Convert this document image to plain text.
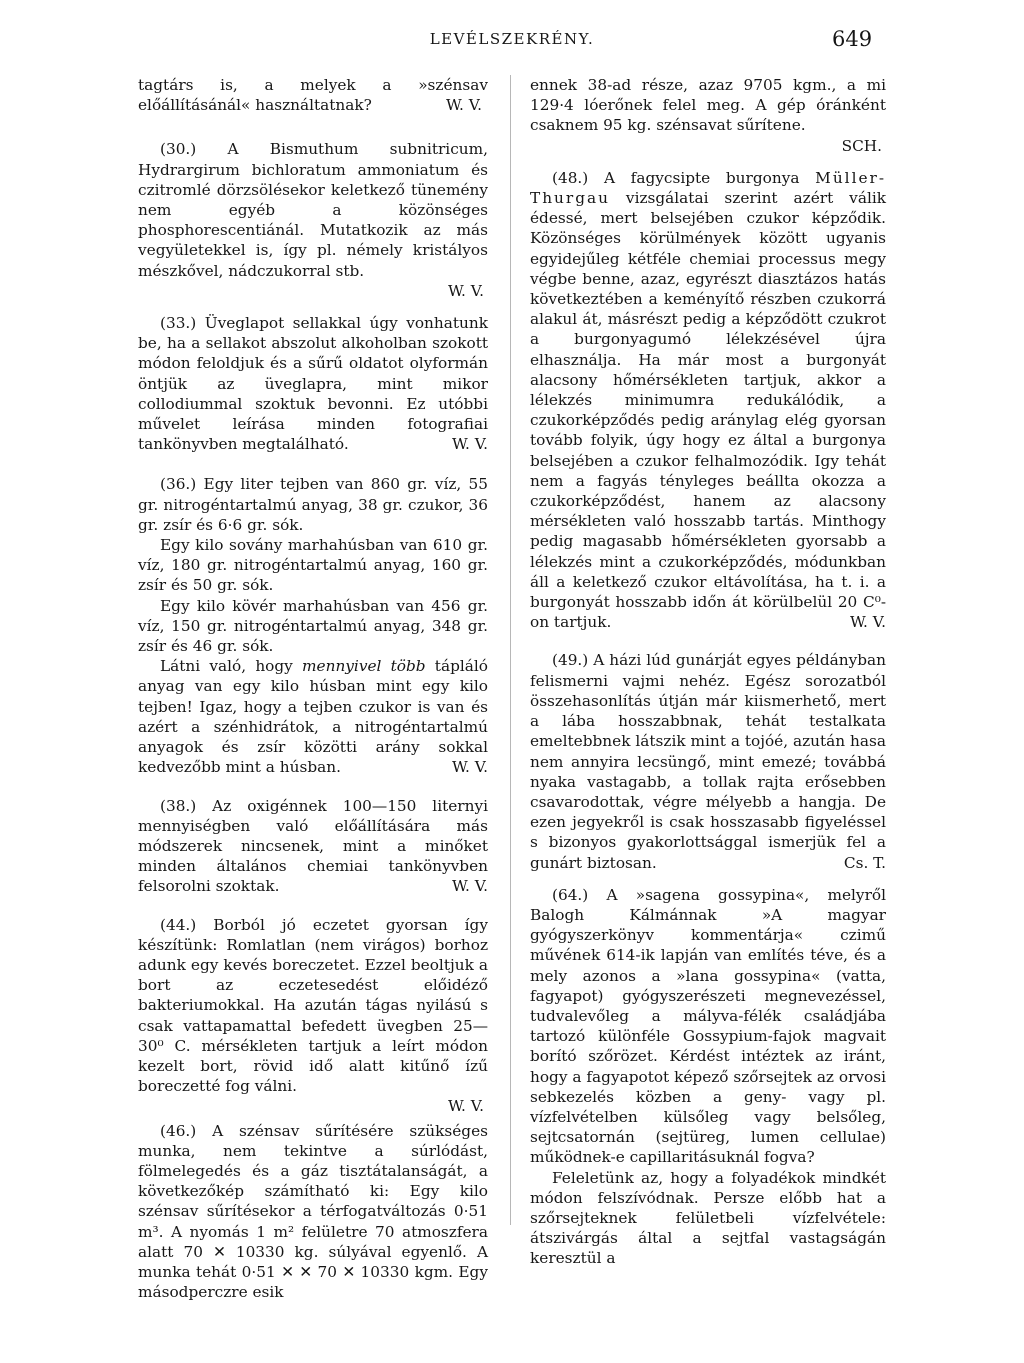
LEVÉLSZEKRÉNY.	649

tagtárs is, a melyek a »szénsav előállításánál« használtatnak?	W. V.

(30.) A Bismuthum subnitricum, Hydrargirum bichloratum ammoniatum és czitromlé dörzsölésekor keletkező tünemény nem egyéb a közönséges phosphorescentiánál. Mutatkozik az más vegyületekkel is, így pl. némely kristályos mészkővel, nádczukorral stb.

W. V.

(33.) Üveglapot sellakkal úgy vonhatunk be, ha a sellakot abszolut alkoholban szokott módon feloldjuk és a sűrű oldatot olyformán öntjük az üveglapra, mint mikor collodiummal szoktuk bevonni. Ez utóbbi művelet leírása minden fotografiai tankönyvben megtalálható.	W. V.

(36.) Egy liter tejben van 860 gr. víz, 55 gr. nitrogéntartalmú anyag, 38 gr. czukor, 36 gr. zsír és 6·6 gr. sók.

Egy kilo sovány marhahúsban van 610 gr. víz, 180 gr. nitrogéntartalmú anyag, 160 gr. zsír és 50 gr. sók.

Egy kilo kövér marhahúsban van 456 gr. víz, 150 gr. nitrogéntartalmú anyag, 348 gr. zsír és 46 gr. sók.

Látni való, hogy mennyivel több tápláló anyag van egy kilo húsban mint egy kilo tejben! Igaz, hogy a tejben czukor is van és azért a szénhidrátok, a nitrogéntartalmú anyagok és zsír közötti arány sokkal kedvezőbb mint a húsban.	W. V.

(38.) Az oxigénnek 100—150 liternyi mennyiségben való előállítására más módszerek nincsenek, mint a minőket minden általános chemiai tankönyvben felsorolni szoktak.	W. V.

(44.) Borból jó eczetet gyorsan így készítünk: Romlatlan (nem virágos) borhoz adunk egy kevés boreczetet. Ezzel beoltjuk a bort az eczetesedést előidéző bakteriumokkal. Ha azután tágas nyilású s csak vattapamattal befedett üvegben 25—30⁰ C. mérsékleten tartjuk a leírt módon kezelt bort, rövid idő alatt kitűnő ízű boreczetté fog válni.

W. V.

(46.) A szénsav sűrítésére szükséges munka, nem tekintve a súrlódást, fölmelegedés és a gáz tisztátalanságát, a következőkép számítható ki: Egy kilo szénsav sűrítésekor a térfogatváltozás 0·51 m³. A nyomás 1 m² felületre 70 atmoszfera alatt 70 ✕ 10330 kg. súlyával egyenlő. A munka tehát 0·51 ✕ ✕ 70 ✕ 10330 kgm. Egy másodperczre esik

ennek 38-ad része, azaz 9705 kgm., a mi 129·4 lóerőnek felel meg. A gép óránként csaknem 95 kg. szénsavat sűrítene.

SCH.

(48.) A fagycsipte burgonya Müller-Thurgau vizsgálatai szerint azért válik édessé, mert belsejében czukor képződik. Közönséges körülmények között ugyanis egyidejűleg kétféle chemiai processus megy végbe benne, azaz, egyrészt diasztázos hatás következtében a keményítő részben czukorrá alakul át, másrészt pedig a képződött czukrot a burgonyagumó lélekzésével újra elhasználja. Ha már most a burgonyát alacsony hőmérsékleten tartjuk, akkor a lélekzés minimumra redukálódik, a czukorképződés pedig aránylag elég gyorsan tovább folyik, úgy hogy ez által a burgonya belsejében a czukor felhalmozódik. Igy tehát nem a fagyás tényleges beállta okozza a czukorképződést, hanem az alacsony mérsékleten való hosszabb tartás. Minthogy pedig magasabb hőmérsékleten gyorsabb a lélekzés mint a czukorképződés, módunkban áll a keletkező czukor eltávolítása, ha t. i. a burgonyát hosszabb időn át körülbelül 20 C⁰-on tartjuk.	W. V.

(49.) A házi lúd gunárját egyes példányban felismerni vajmi nehéz. Egész sorozatból összehasonlítás útján már kiismerhető, mert a lába hosszabbnak, tehát testalkata emeltebbnek látszik mint a tojóé, azután hasa nem annyira lecsüngő, mint emezé; továbbá nyaka vastagabb, a tollak rajta erősebben csavarodottak, végre mélyebb a hangja. De ezen jegyekről is csak hosszasabb figyeléssel s bizonyos gyakorlottsággal ismerjük fel a gunárt biztosan.	Cs. T.

(64.) A »sagena gossypina«, melyről Balogh Kálmánnak »A magyar gyógyszerkönyv kommentárja« czimű művének 614-ik lapján van említés téve, és a mely azonos a »lana gossypina« (vatta, fagyapot) gyógyszerészeti megnevezéssel, tudvalevőleg a mályva-félék családjába tartozó különféle Gossypium-fajok magvait borító szőrözet. Kérdést intéztek az iránt, hogy a fagyapotot képező szőrsejtek az orvosi sebkezelés közben a geny- vagy pl. vízfelvételben külsőleg vagy belsőleg, sejtcsatornán (sejtüreg, lumen cellulae) működnek-e capillaritásuknál fogva?

Feleletünk az, hogy a folyadékok mindkét módon felszívódnak. Persze előbb hat a szőrsejteknek felületbeli vízfelvétele: átszivárgás által a sejtfal vastagságán keresztül a
